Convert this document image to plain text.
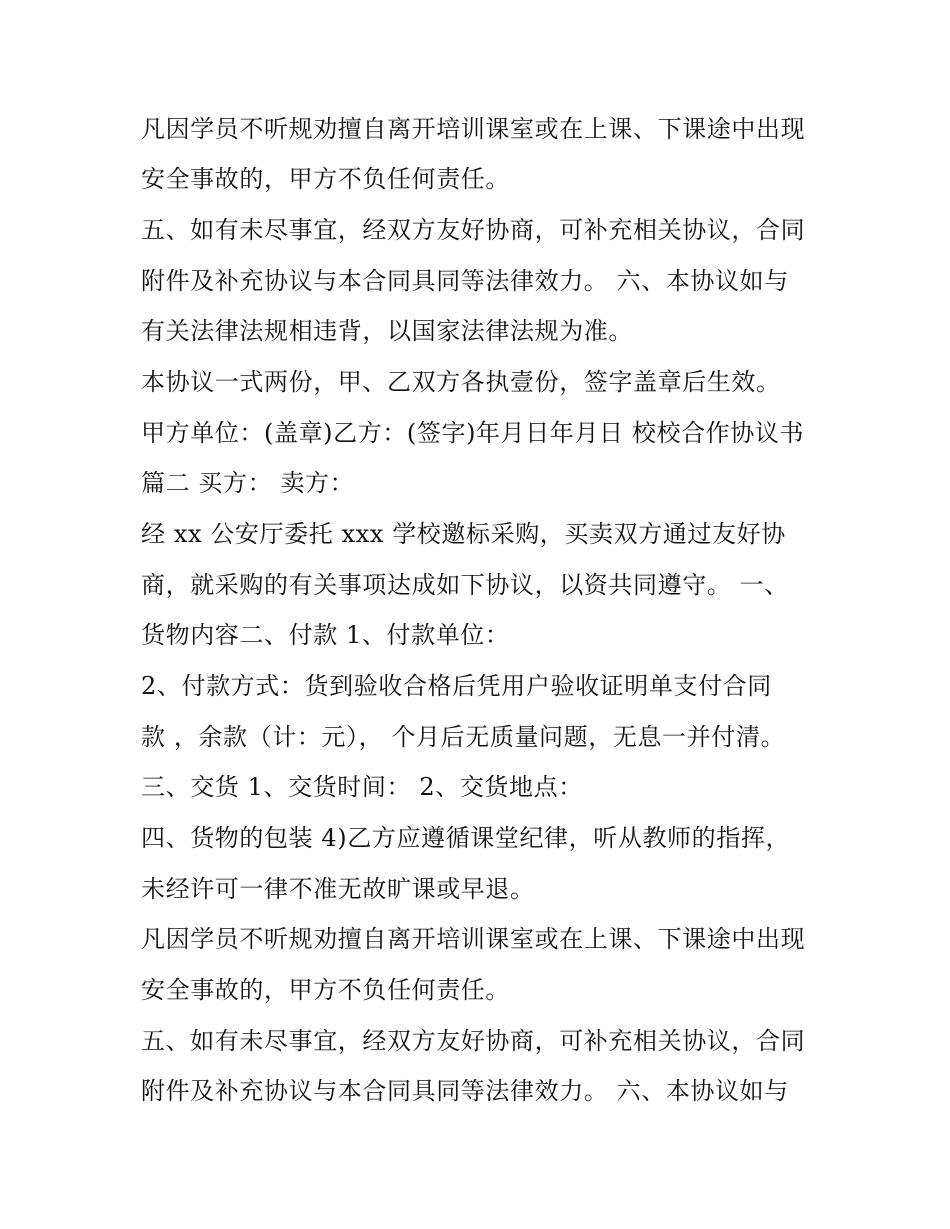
凡因学员不听规劝擅自离开培训课室或在上课、下课途中出现
安全事故的，甲方不负任何责任。
五、如有未尽事宜，经双方友好协商，可补充相关协议，合同
附件及补充协议与本合同具同等法律效力。 六、本协议如与
有关法律法规相违背，以国家法律法规为准。
本协议一式两份，甲、乙双方各执壹份，签字盖章后生效。
甲方单位：(盖章)乙方：(签字)年月日年月日 校校合作协议书
篇二 买方： 卖方：
经 xx 公安厅委托 xxx 学校邀标采购，买卖双方通过友好协
商，就采购的有关事项达成如下协议，以资共同遵守。 一、
货物内容二、付款 1、付款单位：
2、付款方式：货到验收合格后凭用户验收证明单支付合同
款 ，余款（计：元）， 个月后无质量问题，无息一并付清。
三、交货 1、交货时间： 2、交货地点：
四、货物的包装 4)乙方应遵循课堂纪律，听从教师的指挥，
未经许可一律不准无故旷课或早退。
凡因学员不听规劝擅自离开培训课室或在上课、下课途中出现
安全事故的，甲方不负任何责任。
五、如有未尽事宜，经双方友好协商，可补充相关协议，合同
附件及补充协议与本合同具同等法律效力。 六、本协议如与
